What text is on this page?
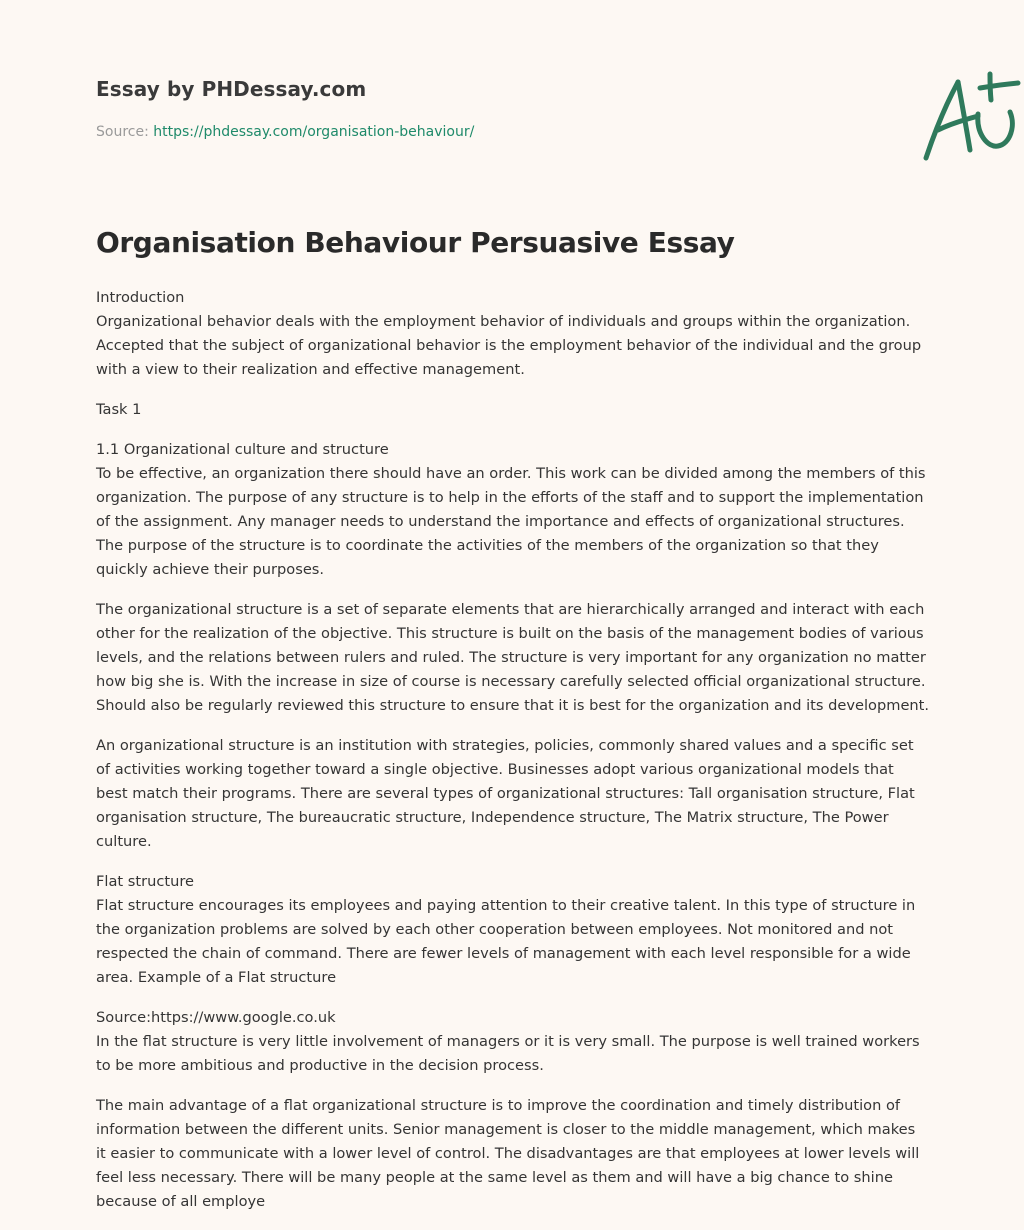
Essay by PHDessay.com
Source: https://phdessay.com/organisation-behaviour/
Organisation Behaviour Persuasive Essay

Introduction
Organizational behavior deals with the employment behavior of individuals and groups within the organization.
Accepted that the subject of organizational behavior is the employment behavior of the individual and the group
with a view to their realization and effective management.

Task 1

1.1 Organizational culture and structure
To be effective, an organization there should have an order. This work can be divided among the members of this
organization. The purpose of any structure is to help in the efforts of the staff and to support the implementation
of the assignment. Any manager needs to understand the importance and effects of organizational structures.
The purpose of the structure is to coordinate the activities of the members of the organization so that they
quickly achieve their purposes.

The organizational structure is a set of separate elements that are hierarchically arranged and interact with each
other for the realization of the objective. This structure is built on the basis of the management bodies of various
levels, and the relations between rulers and ruled. The structure is very important for any organization no matter
how big she is. With the increase in size of course is necessary carefully selected official organizational structure.
Should also be regularly reviewed this structure to ensure that it is best for the organization and its development.

An organizational structure is an institution with strategies, policies, commonly shared values and a specific set
of activities working together toward a single objective. Businesses adopt various organizational models that
best match their programs. There are several types of organizational structures: Tall organisation structure, Flat
organisation structure, The bureaucratic structure, Independence structure, The Matrix structure, The Power
culture.

Flat structure
Flat structure encourages its employees and paying attention to their creative talent. In this type of structure in
the organization problems are solved by each other cooperation between employees. Not monitored and not
respected the chain of command. There are fewer levels of management with each level responsible for a wide
area. Example of a Flat structure

Source:https://www.google.co.uk
In the flat structure is very little involvement of managers or it is very small. The purpose is well trained workers
to be more ambitious and productive in the decision process.

The main advantage of a flat organizational structure is to improve the coordination and timely distribution of
information between the different units. Senior management is closer to the middle management, which makes
it easier to communicate with a lower level of control. The disadvantages are that employees at lower levels will
feel less necessary. There will be many people at the same level as them and will have a big chance to shine
because of all employe
